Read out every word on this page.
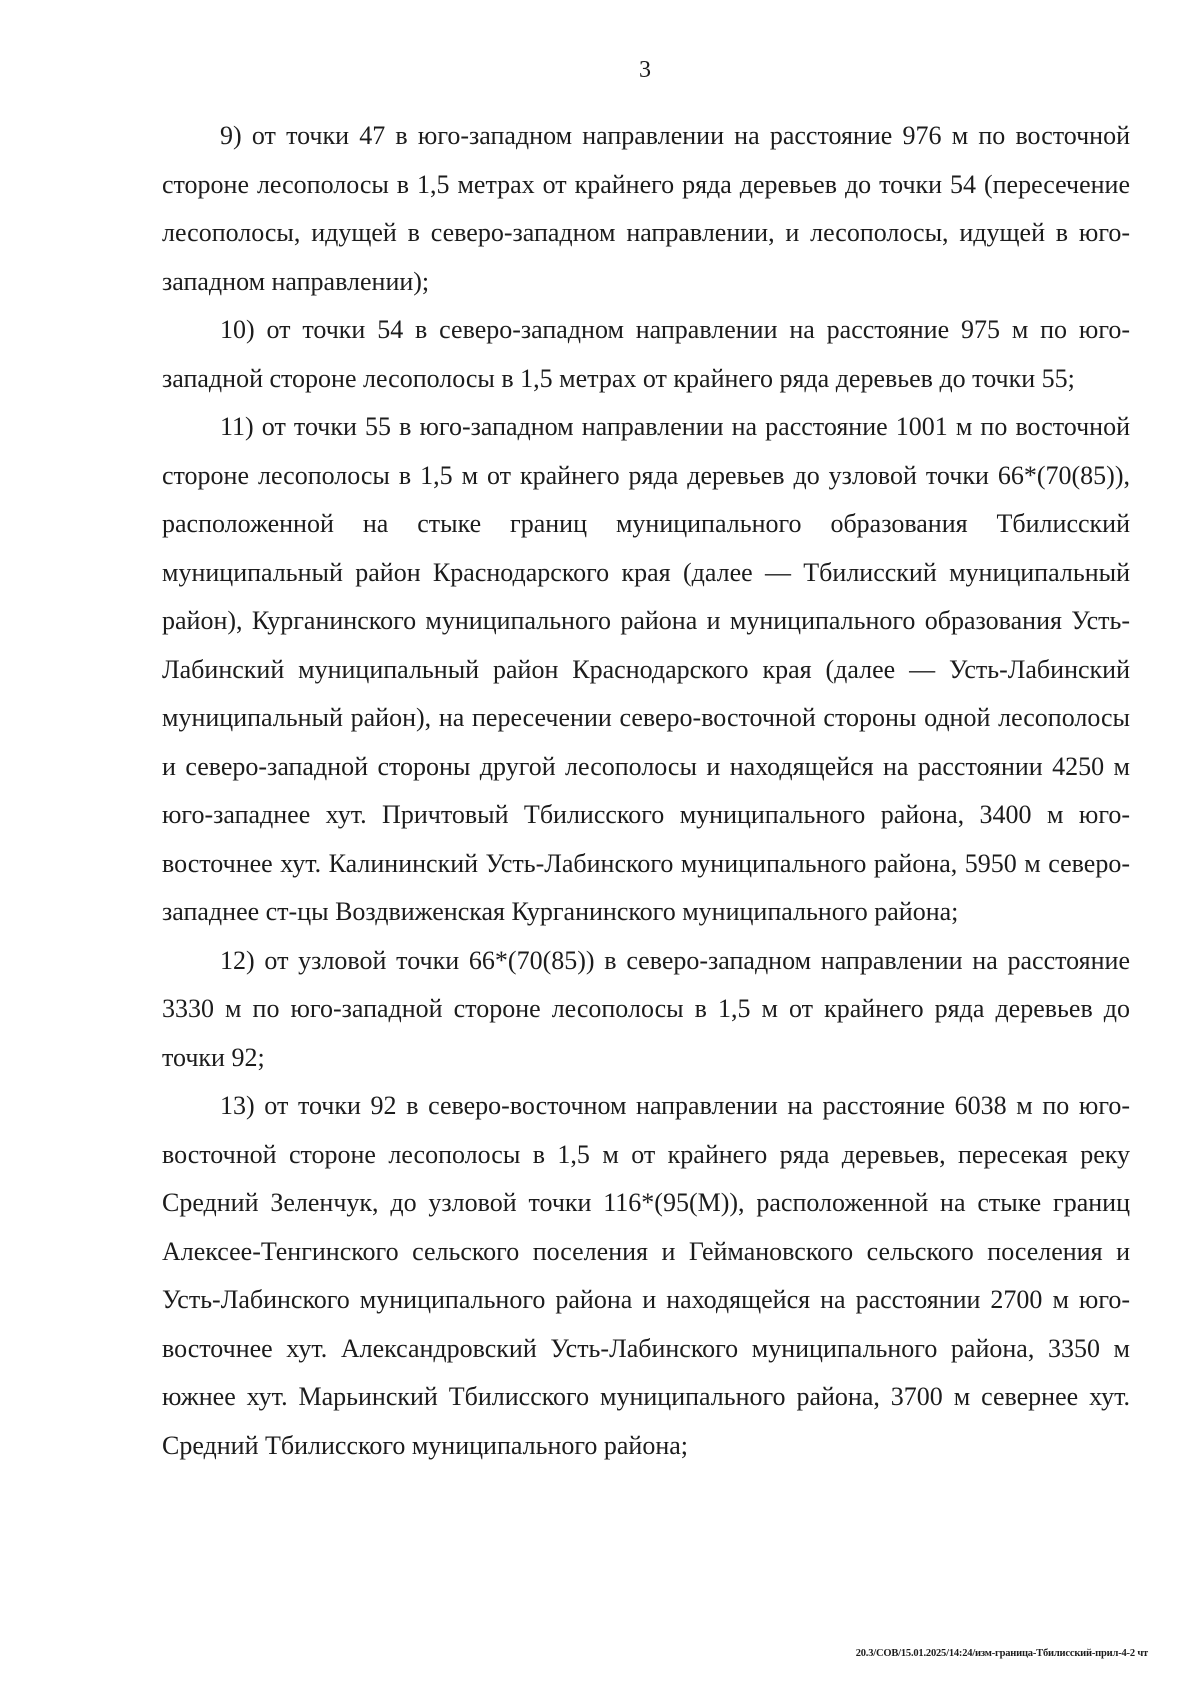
3

9) от точки 47 в юго-западном направлении на расстояние 976 м по восточной стороне лесополосы в 1,5 метрах от крайнего ряда деревьев до точки 54 (пересечение лесополосы, идущей в северо-западном направлении, и лесополосы, идущей в юго-западном направлении);

10) от точки 54 в северо-западном направлении на расстояние 975 м по юго-западной стороне лесополосы в 1,5 метрах от крайнего ряда деревьев до точки 55;

11) от точки 55 в юго-западном направлении на расстояние 1001 м по восточной стороне лесополосы в 1,5 м от крайнего ряда деревьев до узловой точки 66*(70(85)), расположенной на стыке границ муниципального образования Тбилисский муниципальный район Краснодарского края (далее — Тбилисский муниципальный район), Курганинского муниципального района и муниципального образования Усть-Лабинский муниципальный район Краснодарского края (далее — Усть-Лабинский муниципальный район), на пересечении северо-восточной стороны одной лесополосы и северо-западной стороны другой лесополосы и находящейся на расстоянии 4250 м юго-западнее хут. Причтовый Тбилисского муниципального района, 3400 м юго-восточнее хут. Калининский Усть-Лабинского муниципального района, 5950 м северо-западнее ст-цы Воздвиженская Курганинского муниципального района;

12) от узловой точки 66*(70(85)) в северо-западном направлении на расстояние 3330 м по юго-западной стороне лесополосы в 1,5 м от крайнего ряда деревьев до точки 92;

13) от точки 92 в северо-восточном направлении на расстояние 6038 м по юго-восточной стороне лесополосы в 1,5 м от крайнего ряда деревьев, пересекая реку Средний Зеленчук, до узловой точки 116*(95(М)), расположенной на стыке границ Алексее-Тенгинского сельского поселения и Геймановского сельского поселения и Усть-Лабинского муниципального района и находящейся на расстоянии 2700 м юго-восточнее хут. Александровский Усть-Лабинского муниципального района, 3350 м южнее хут. Марьинский Тбилисского муниципального района, 3700 м севернее хут. Средний Тбилисского муниципального района;

20.3/СОВ/15.01.2025/14:24/изм-граница-Тбилисский-прил-4-2 чт
